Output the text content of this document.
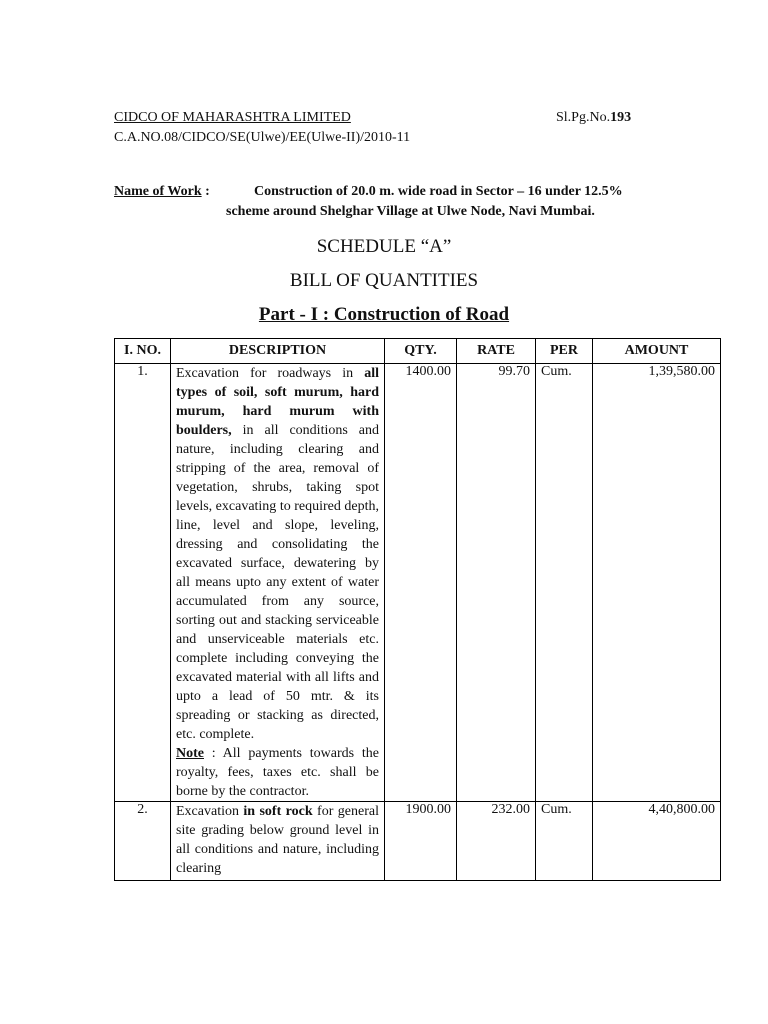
CIDCO OF MAHARASHTRA LIMITED	Sl.Pg.No.193
C.A.NO.08/CIDCO/SE(Ulwe)/EE(Ulwe-II)/2010-11
Name of Work :	Construction of 20.0 m. wide road in Sector – 16 under 12.5%
scheme around Shelghar Village at Ulwe Node, Navi Mumbai.
SCHEDULE “A”
BILL OF QUANTITIES
Part - I : Construction of Road
I. NO.	DESCRIPTION	QTY.	RATE	PER	AMOUNT
1.	Excavation for roadways in all types of soil, soft murum, hard murum, hard murum with boulders, in all conditions and nature, including clearing and stripping of the area, removal of vegetation, shrubs, taking spot levels, excavating to required depth, line, level and slope, leveling, dressing and consolidating the excavated surface, dewatering by all means upto any extent of water accumulated from any source, sorting out and stacking serviceable and unserviceable materials etc. complete including conveying the excavated material with all lifts and upto a lead of 50 mtr. & its spreading or stacking as directed, etc. complete.
Note : All payments towards the royalty, fees, taxes etc. shall be borne by the contractor.	1400.00	99.70	Cum.	1,39,580.00
2.	Excavation in soft rock for general site grading below ground level in all conditions and nature, including clearing	1900.00	232.00	Cum.	4,40,800.00
